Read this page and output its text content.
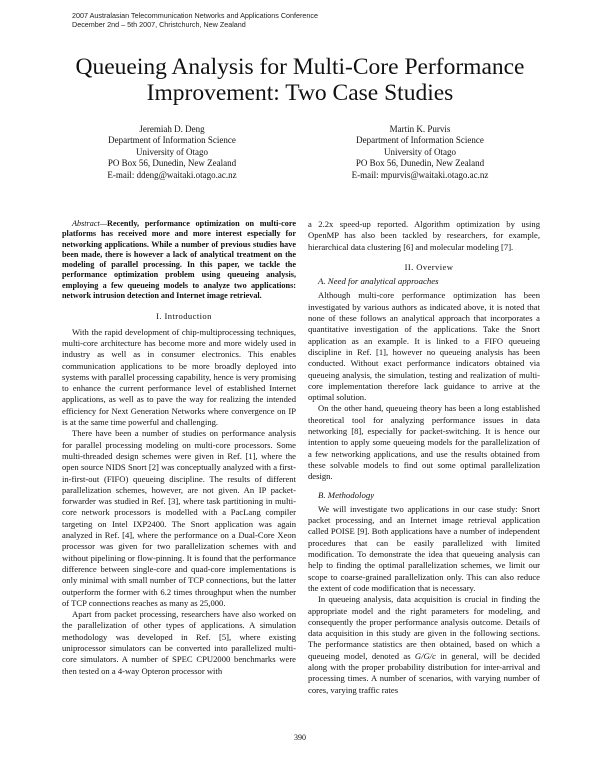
2007 Australasian Telecommunication Networks and Applications Conference
December 2nd – 5th 2007, Christchurch, New Zealand
Queueing Analysis for Multi-Core Performance
Improvement: Two Case Studies
Jeremiah D. Deng
Department of Information Science
University of Otago
PO Box 56, Dunedin, New Zealand
E-mail: ddeng@waitaki.otago.ac.nz
Martin K. Purvis
Department of Information Science
University of Otago
PO Box 56, Dunedin, New Zealand
E-mail: mpurvis@waitaki.otago.ac.nz

Abstract—Recently, performance optimization on multi-core platforms has received more and more interest especially for networking applications. While a number of previous studies have been made, there is however a lack of analytical treatment on the modeling of parallel processing. In this paper, we tackle the performance optimization problem using queueing analysis, employing a few queueing models to analyze two applications: network intrusion detection and Internet image retrieval.

I. Introduction

With the rapid development of chip-multiprocessing techniques, multi-core architecture has become more and more widely used in industry as well as in consumer electronics. This enables communication applications to be more broadly deployed into systems with parallel processing capability, hence is very promising to enhance the current performance level of established Internet applications, as well as to pave the way for realizing the intended efficiency for Next Generation Networks where convergence on IP is at the same time powerful and challenging.

There have been a number of studies on performance analysis for parallel processing modeling on multi-core processors. Some multi-threaded design schemes were given in Ref. [1], where the open source NIDS Snort [2] was conceptually analyzed with a first-in-first-out (FIFO) queueing discipline. The results of different parallelization schemes, however, are not given. An IP packet-forwarder was studied in Ref. [3], where task partitioning in multi-core network processors is modelled with a PacLang compiler targeting on Intel IXP2400. The Snort application was again analyzed in Ref. [4], where the performance on a Dual-Core Xeon processor was given for two parallelization schemes with and without pipelining or flow-pinning. It is found that the performance difference between single-core and quad-core implementations is only minimal with small number of TCP connections, but the latter outperform the former with 6.2 times throughput when the number of TCP connections reaches as many as 25,000.

Apart from packet processing, researchers have also worked on the parallelization of other types of applications. A simulation methodology was developed in Ref. [5], where existing uniprocessor simulators can be converted into parallelized multi-core simulators. A number of SPEC CPU2000 benchmarks were then tested on a 4-way Opteron processor with

a 2.2x speed-up reported. Algorithm optimization by using OpenMP has also been tackled by researchers, for example, hierarchical data clustering [6] and molecular modeling [7].

II. Overview

A. Need for analytical approaches

Although multi-core performance optimization has been investigated by various authors as indicated above, it is noted that none of these follows an analytical approach that incorporates a quantitative investigation of the applications. Take the Snort application as an example. It is linked to a FIFO queueing discipline in Ref. [1], however no queueing analysis has been conducted. Without exact performance indicators obtained via queueing analysis, the simulation, testing and realization of multi-core implementation therefore lack guidance to arrive at the optimal solution.

On the other hand, queueing theory has been a long established theoretical tool for analyzing performance issues in data networking [8], especially for packet-switching. It is hence our intention to apply some queueing models for the parallelization of a few networking applications, and use the results obtained from these solvable models to find out some optimal parallelization design.

B. Methodology

We will investigate two applications in our case study: Snort packet processing, and an Internet image retrieval application called POISE [9]. Both applications have a number of independent procedures that can be easily parallelized with limited modification. To demonstrate the idea that queueing analysis can help to finding the optimal parallelization schemes, we limit our scope to coarse-grained parallelization only. This can also reduce the extent of code modification that is necessary.

In queueing analysis, data acquisition is crucial in finding the appropriate model and the right parameters for modeling, and consequently the proper performance analysis outcome. Details of data acquisition in this study are given in the following sections. The performance statistics are then obtained, based on which a queueing model, denoted as G/G/c in general, will be decided along with the proper probability distribution for inter-arrival and processing times. A number of scenarios, with varying number of cores, varying traffic rates

390
